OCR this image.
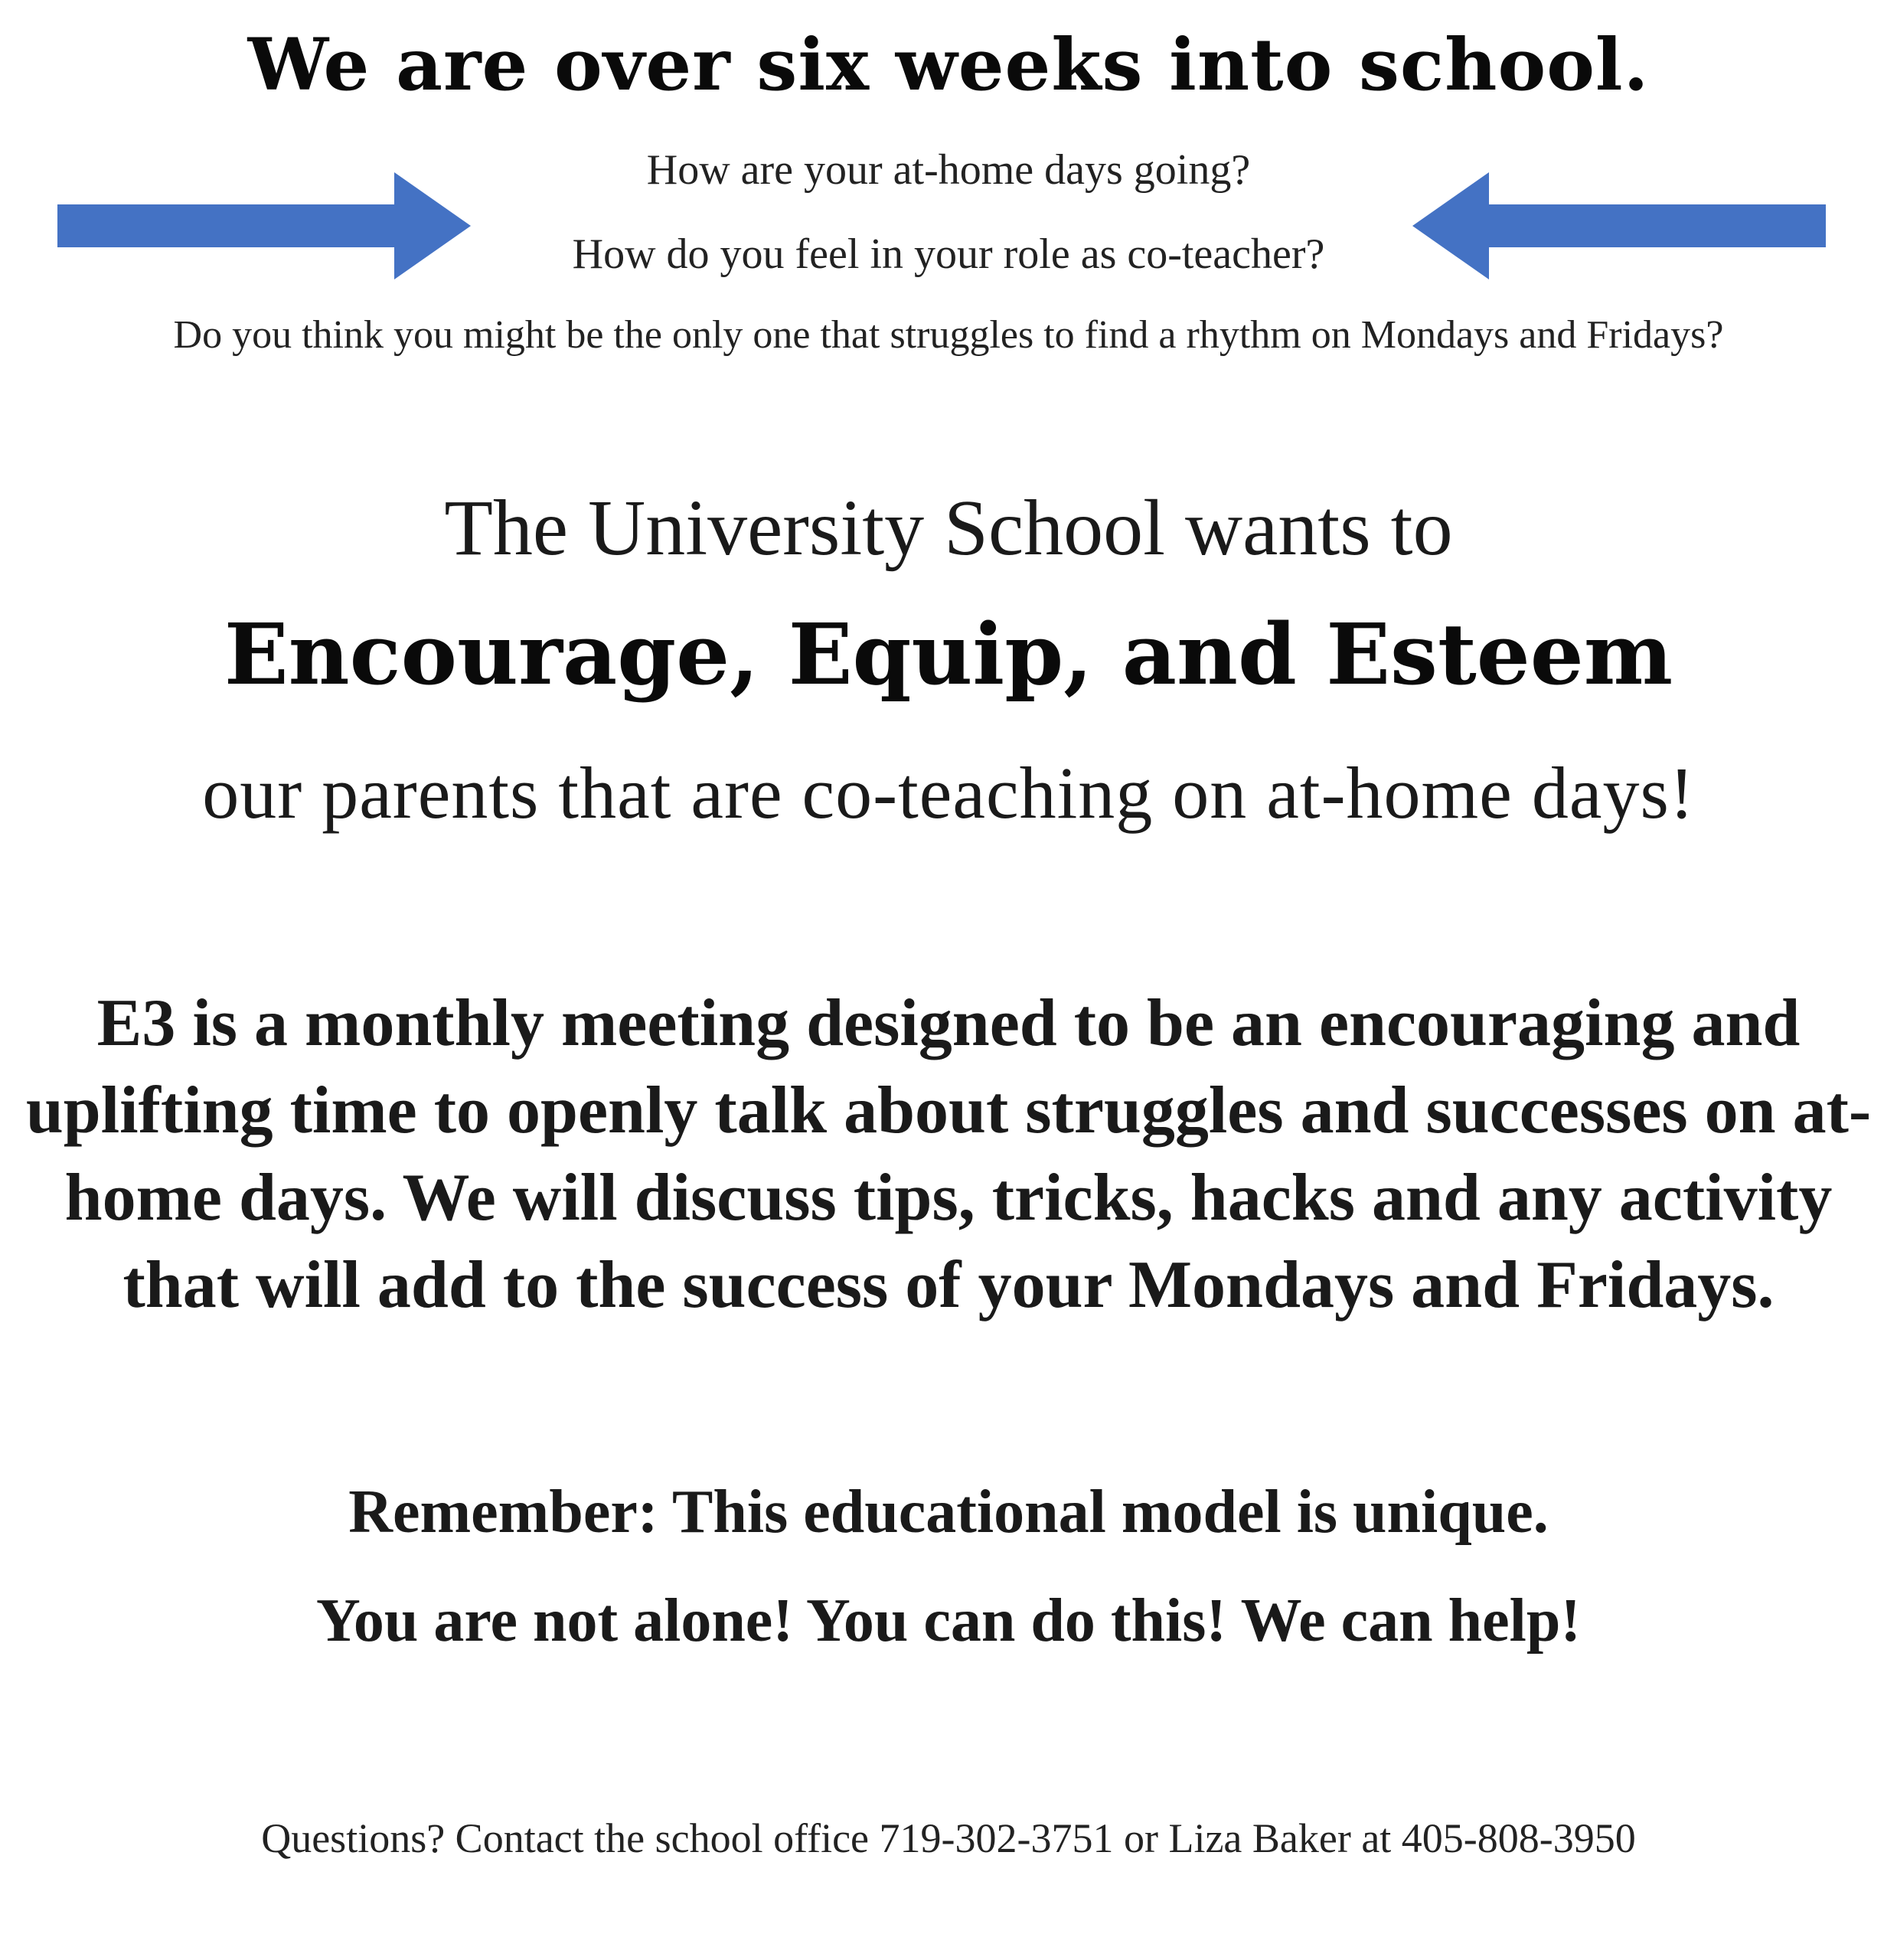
We are over six weeks into school.
How are your at-home days going?
How do you feel in your role as co-teacher?
Do you think you might be the only one that struggles to find a rhythm on Mondays and Fridays?
The University School wants to
Encourage, Equip, and Esteem
our parents that are co-teaching on at-home days!
E3 is a monthly meeting designed to be an encouraging and uplifting time to openly talk about struggles and successes on at-home days. We will discuss tips, tricks, hacks and any activity that will add to the success of your Mondays and Fridays.
Remember: This educational model is unique.
You are not alone! You can do this! We can help!
Questions? Contact the school office 719-302-3751 or Liza Baker at 405-808-3950
